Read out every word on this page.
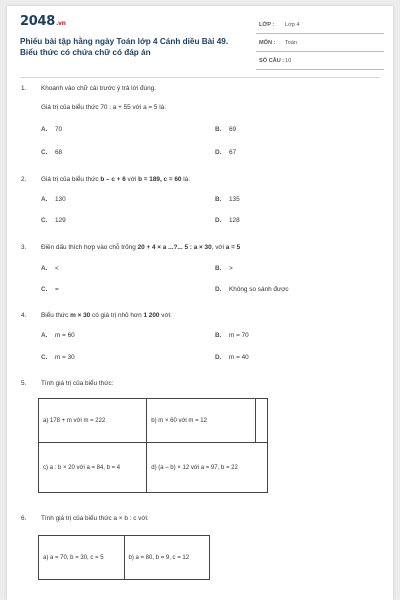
2048.vn
Phiếu bài tập hằng ngày Toán lớp 4 Cánh diều Bài 49. Biểu thức có chứa chữ có đáp án
LỚP : Lớp 4
MÔN : Toán
SỐ CÂU : 10
1. Khoanh vào chữ cái trước ý trả lời đúng.
Giá trị của biểu thức 70 : a + 55 với a = 5 là:
A. 70	B. 69
C. 68	D. 67
2. Giá trị của biểu thức b – c + 6 với b = 189, c = 60 là:
A. 130	B. 135
C. 129	D. 128
3. Điền dấu thích hợp vào chỗ trống 20 + 4 × a ...?... 5 : a × 30, với a = 5
A. <	B. >
C. =	D. Không so sánh được
4. Biểu thức m × 30 có giá trị nhỏ hơn 1 200 với:
A. m = 60	B. m = 70
C. m = 30	D. m = 40
5. Tính giá trị của biểu thức:
a) 178 + m với m = 222	b) m × 60 với m = 12	
c) a : b × 20 với a = 84, b = 4	d) (a – b) × 12 với a = 97, b = 22	
6. Tính giá trị của biểu thức a × b : c với:
a) a = 70, b = 30, c = 5	b) a = 80, b = 9, c = 12
